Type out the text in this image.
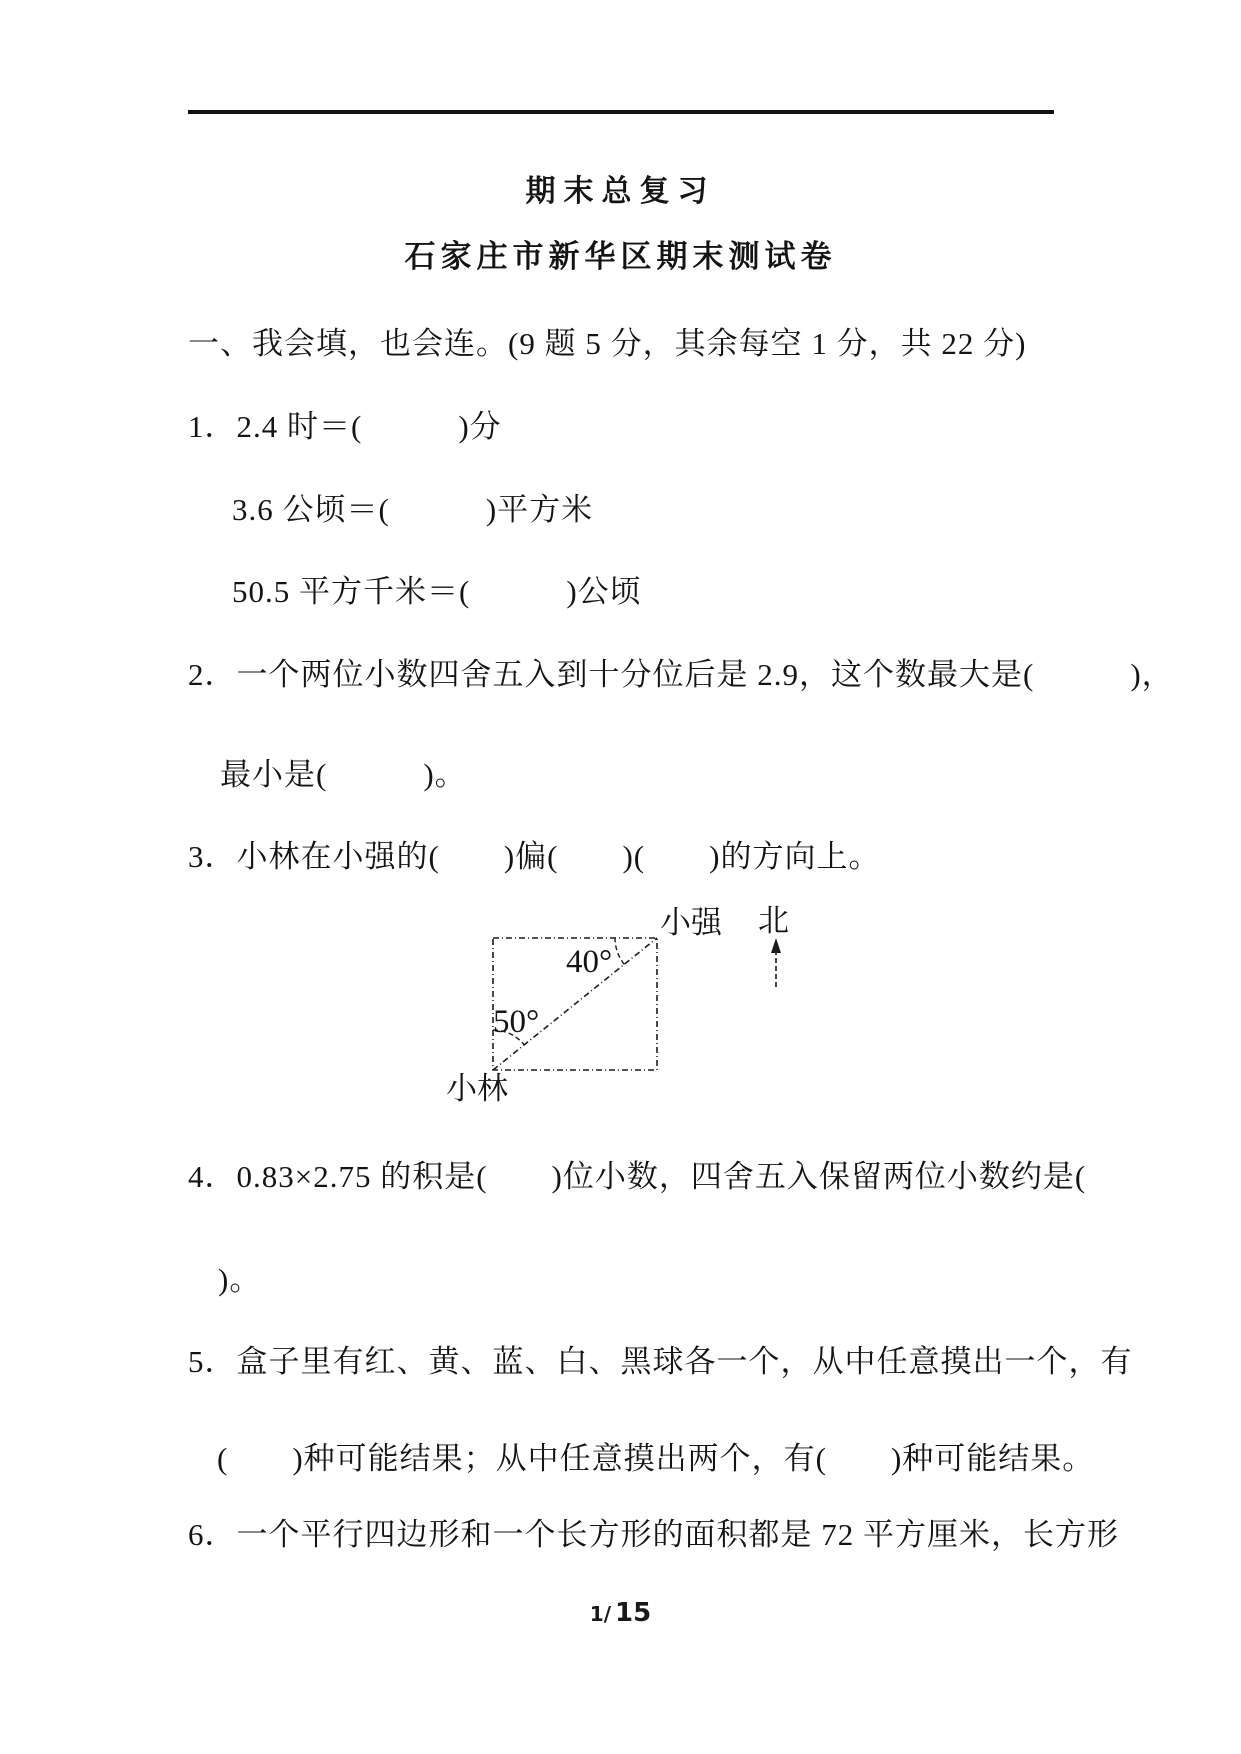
期末总复习
石家庄市新华区期末测试卷
一、我会填，也会连。(9 题 5 分，其余每空 1 分，共 22 分)
1．2.4 时＝(　　　)分
3.6 公顷＝(　　　)平方米
50.5 平方千米＝(　　　)公顷
2．一个两位小数四舍五入到十分位后是 2.9，这个数最大是(　　　)，
最小是(　　　)。
3．小林在小强的(　　)偏(　　)(　　)的方向上。
小强 北
小林
40°
50°
4．0.83×2.75 的积是(　　)位小数，四舍五入保留两位小数约是(
)。
5．盒子里有红、黄、蓝、白、黑球各一个，从中任意摸出一个，有
(　　)种可能结果；从中任意摸出两个，有(　　)种可能结果。
6．一个平行四边形和一个长方形的面积都是 72 平方厘米，长方形
1/ 15
